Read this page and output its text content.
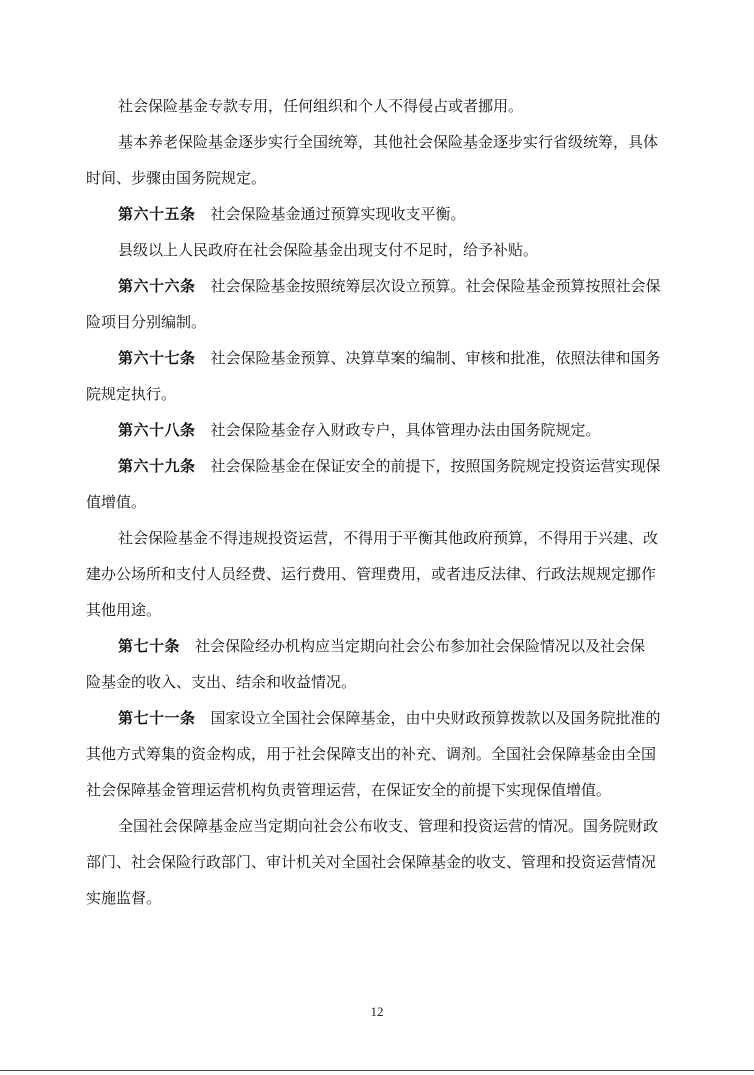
社会保险基金专款专用，任何组织和个人不得侵占或者挪用。
基本养老保险基金逐步实行全国统筹，其他社会保险基金逐步实行省级统筹，具体
时间、步骤由国务院规定。
第六十五条 社会保险基金通过预算实现收支平衡。
县级以上人民政府在社会保险基金出现支付不足时，给予补贴。
第六十六条 社会保险基金按照统筹层次设立预算。社会保险基金预算按照社会保
险项目分别编制。
第六十七条 社会保险基金预算、决算草案的编制、审核和批准，依照法律和国务
院规定执行。
第六十八条 社会保险基金存入财政专户，具体管理办法由国务院规定。
第六十九条 社会保险基金在保证安全的前提下，按照国务院规定投资运营实现保
值增值。
社会保险基金不得违规投资运营，不得用于平衡其他政府预算，不得用于兴建、改
建办公场所和支付人员经费、运行费用、管理费用，或者违反法律、行政法规规定挪作
其他用途。
第七十条 社会保险经办机构应当定期向社会公布参加社会保险情况以及社会保
险基金的收入、支出、结余和收益情况。
第七十一条 国家设立全国社会保障基金，由中央财政预算拨款以及国务院批准的
其他方式筹集的资金构成，用于社会保障支出的补充、调剂。全国社会保障基金由全国
社会保障基金管理运营机构负责管理运营，在保证安全的前提下实现保值增值。
全国社会保障基金应当定期向社会公布收支、管理和投资运营的情况。国务院财政
部门、社会保险行政部门、审计机关对全国社会保障基金的收支、管理和投资运营情况
实施监督。
12
